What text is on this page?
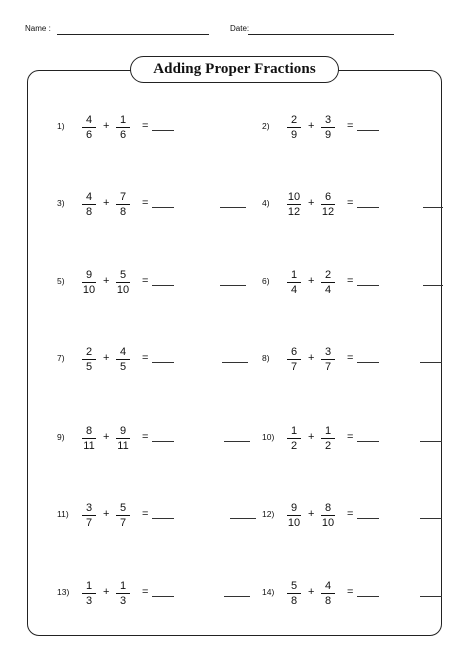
Name :	Date:
Adding Proper Fractions
1)	4
6
+ 1
6
=	2)	2
9
+ 3
9
=
3)	4
8
+ 7
8
=	4)	10
12
+ 6
12
=
5)	9
10
+ 5
10
=	6)	1
4
+ 2
4
=
7)	2
5
+ 4
5
=	8)	6
7
+ 3
7
=
9)	8
11
+ 9
11
=	10)	1
2
+ 1
2
=
11)	3
7
+ 5
7
=	12)	9
10
+ 8
10
=
13)	1
3
+ 1
3
=	14)	5
8
+ 4
8
=
